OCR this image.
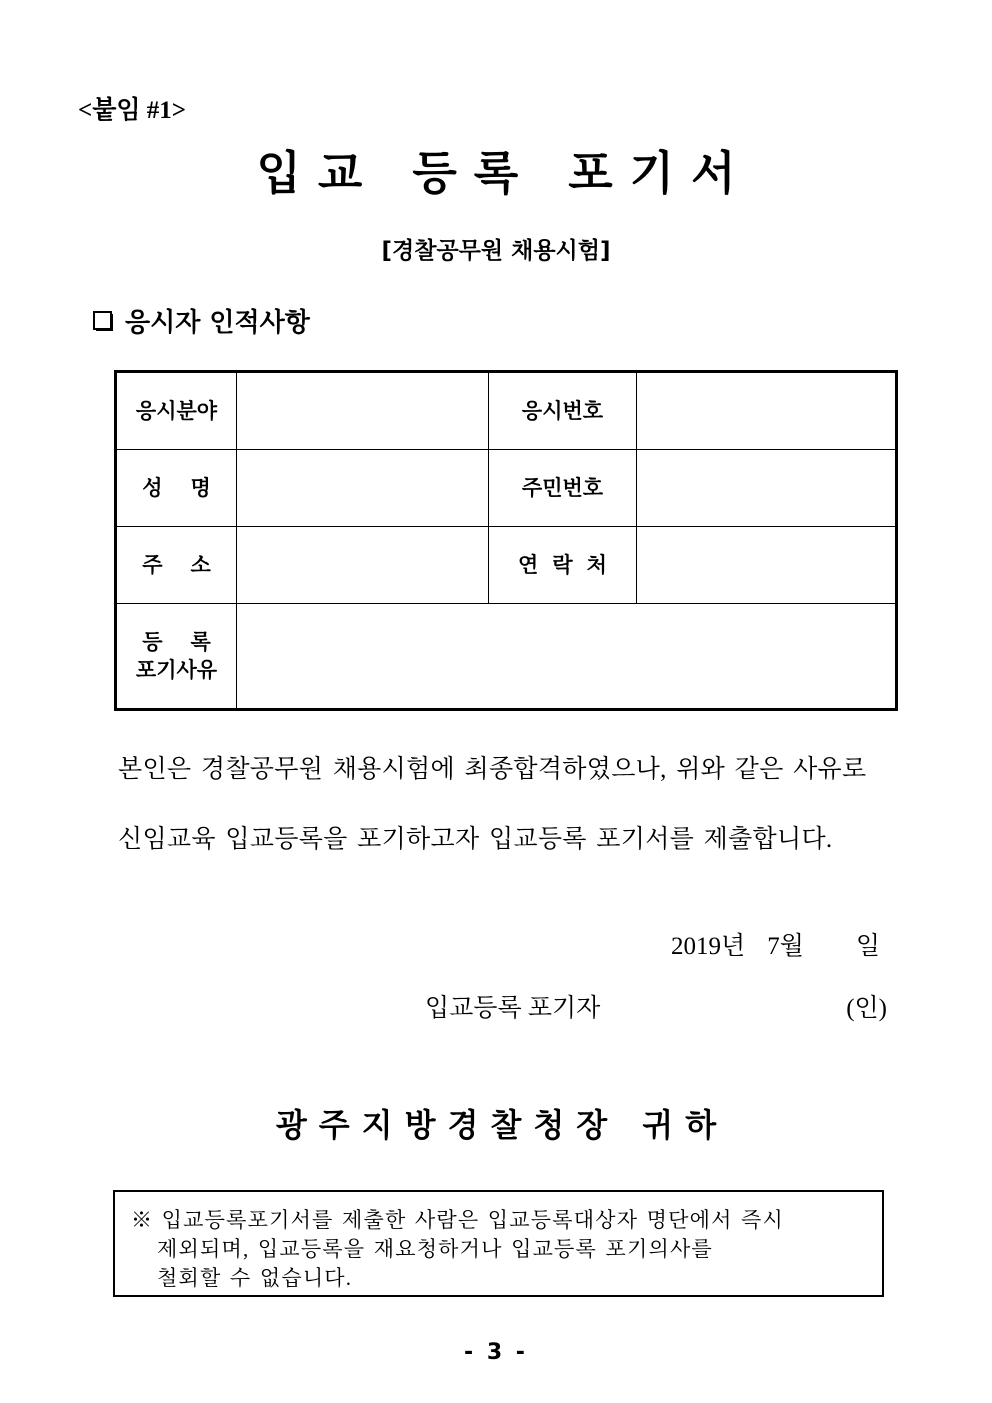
<붙임 #1>
입교 등록 포기서
[경찰공무원 채용시험]
응시자 인적사항
응시분야		응시번호	
성 명		주민번호	
주 소		연 락 처	
등 록
포기사유			
본인은 경찰공무원 채용시험에 최종합격하였으나, 위와 같은 사유로
신임교육 입교등록을 포기하고자 입교등록 포기서를 제출합니다.
2019년 7월 일
입교등록 포기자	(인)
광주지방경찰청장 귀하
※ 입교등록포기서를 제출한 사람은 입교등록대상자 명단에서 즉시
제외되며, 입교등록을 재요청하거나 입교등록 포기의사를
철회할 수 없습니다.
- 3 -
